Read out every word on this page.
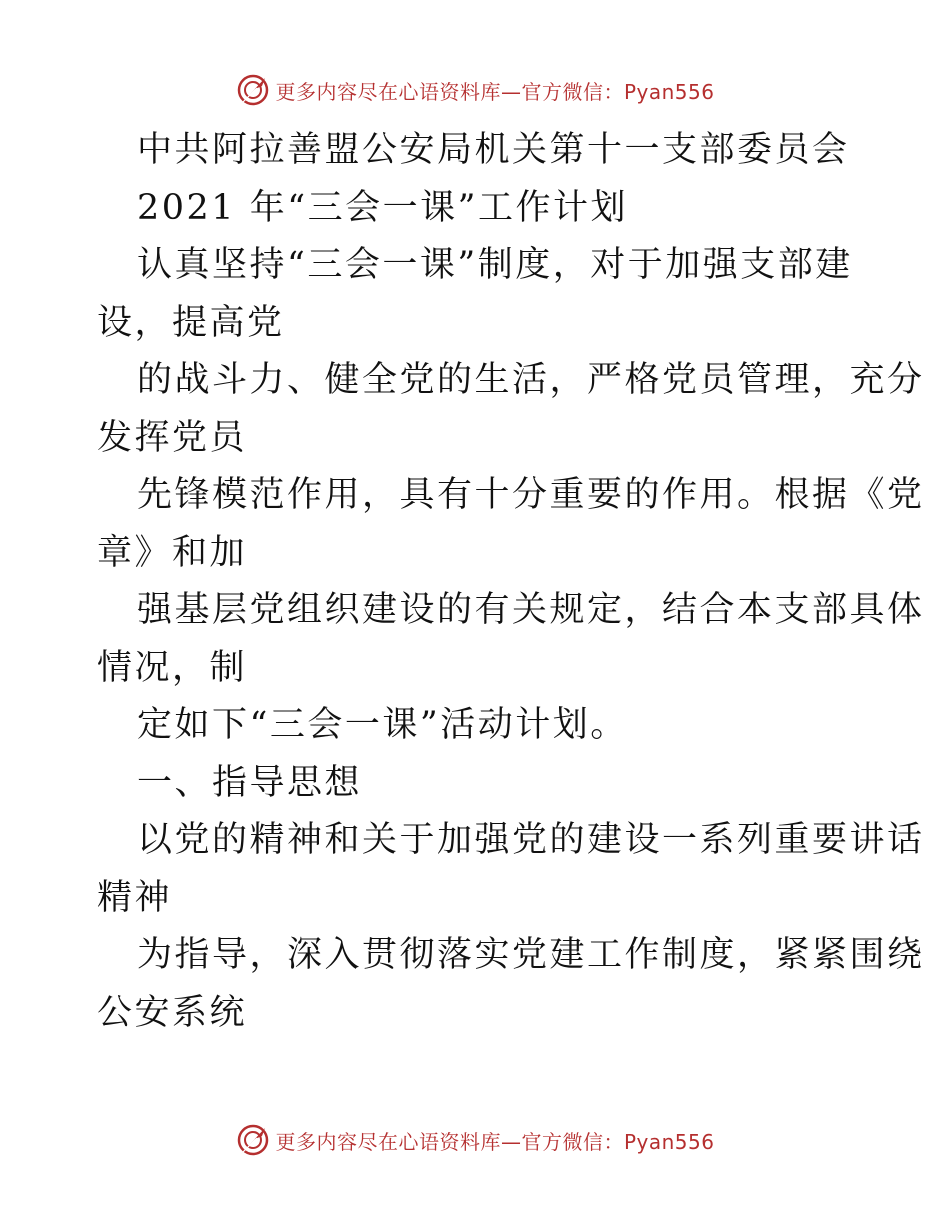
更多内容尽在心语资料库—官方微信：Pyan556
中共阿拉善盟公安局机关第十一支部委员会
2021 年“三会一课”工作计划
认真坚持“三会一课”制度，对于加强支部建
设，提高党
的战斗力、健全党的生活，严格党员管理，充分
发挥党员
先锋模范作用，具有十分重要的作用。根据《党
章》和加
强基层党组织建设的有关规定，结合本支部具体
情况，制
定如下“三会一课”活动计划。
一、指导思想
以党的精神和关于加强党的建设一系列重要讲话
精神
为指导，深入贯彻落实党建工作制度，紧紧围绕
公安系统
更多内容尽在心语资料库—官方微信：Pyan556
